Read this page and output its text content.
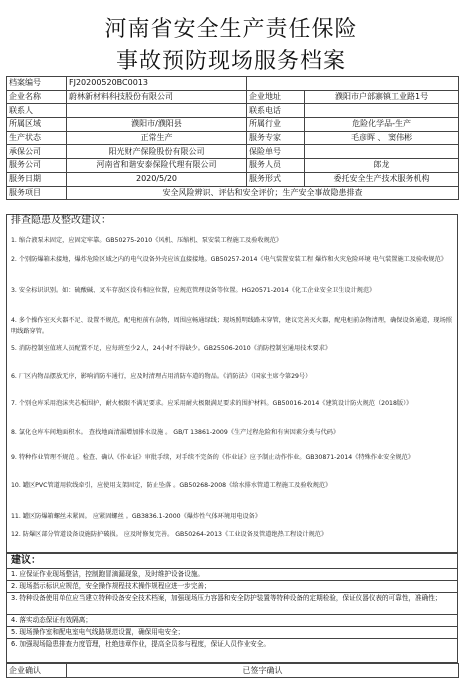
河南省安全生产责任保险
事故预防现场服务档案
档案编号	FJ20200520BC0013		
企业名称	蔚林新材料科技股份有限公司	企业地址	濮阳市户部寨镇工业路1号
联系人		联系电话	
所属区域	濮阳市/濮阳县	所属行业	危险化学品-生产
生产状态	正常生产	服务专家	毛彦晖 、 窦伟彬
承保公司	阳光财产保险股份有限公司	保险单号	
服务公司	河南省和谐安泰保险代理有限公司	服务人员	郎龙
服务日期	2020/5/20	服务形式	委托安全生产技术服务机构
服务项目	安全风险辨识、评估和安全评价；生产安全事故隐患排查		
排查隐患及整改建议：
1. 缩合液泵未固定，应固定牢靠。GB50275-2010《风机、压缩机、泵安装工程施工及验收规范》
2. 个别防爆箱未接地，爆炸危险区域之内的电气设备外壳应该直接接地。GB50257-2014《电气装置安装工程 爆炸和火灾危险环境 电气装置施工及验收规范》
3. 安全标识识别。如：硫酸碱、叉车存放区没有相应位置，应规范管理设备等位置。HG20571-2014《化工企业安全卫生设计规范》
4. 多个操作室灭火器不足、设置不规范，配电柜前有杂物，周围应畅通绿线；现场照明线路未穿管，建议完善灭火器，配电柜前杂物清理，确保设备通道，现场照明线路穿管。
5. 消防控制室值班人员配置不足，应每班至少2人，24小时不得缺少。GB25506-2010《消防控制室通用技术要求》
6. 厂区内物品摆放无序，影响消防车通行，应及时清理占用消防车道的物品。《消防法》（国家主席令第29号）
7. 个别仓库采用泡沫夹芯板围护，耐火极限不满足要求。应采用耐火极限满足要求的围护材料。GB50016-2014《建筑设计防火规范（2018版）》
8. 氯化仓库车间地面积水。 查找地面清漏增加排水设施 。 GB/T 13861-2009《生产过程危险和有害因素分类与代码》
9. 特种作业管理不规范 。检查、确认《作业证》审批手续，对手续不完备的《作业证》应予制止动作作业。GB30871-2014《特殊作业安全规范》
10. 罐区PVC管道用软线牵引，应使用支架固定，防止坠落 。GB50268-2008《给水排水管道工程施工及验收规范》
11. 罐区防爆箱螺丝未紧固。 应紧固螺丝 。GB3836.1-2000《爆炸性气体环境用电设备》
12. 防爆区部分管道设备设施防护破损。 应及时修复完善。 GB50264-2013《工业设备及管道绝热工程设计规范》
建议：
1. 应保证作业现场整洁，控制跑冒滴漏现象，及时维护设备设施。
2. 现场指示标识应规范，安全操作规程技术操作规程应进一步完善；
3. 特种设备使用单位应当建立特种设备安全技术档案，加强现场压力容器和安全防护装置等特种设备的定期检验，保证仪器仪表的可靠性，准确性；
4. 落实动态保证有效隔离；
5. 现场操作室和配电室电气线路规范设置，确保用电安全；
6. 加强现场隐患排查力度管理，杜绝违章作业，提高全员参与程度，保证人员作业安全。
企业确认	已签字确认
